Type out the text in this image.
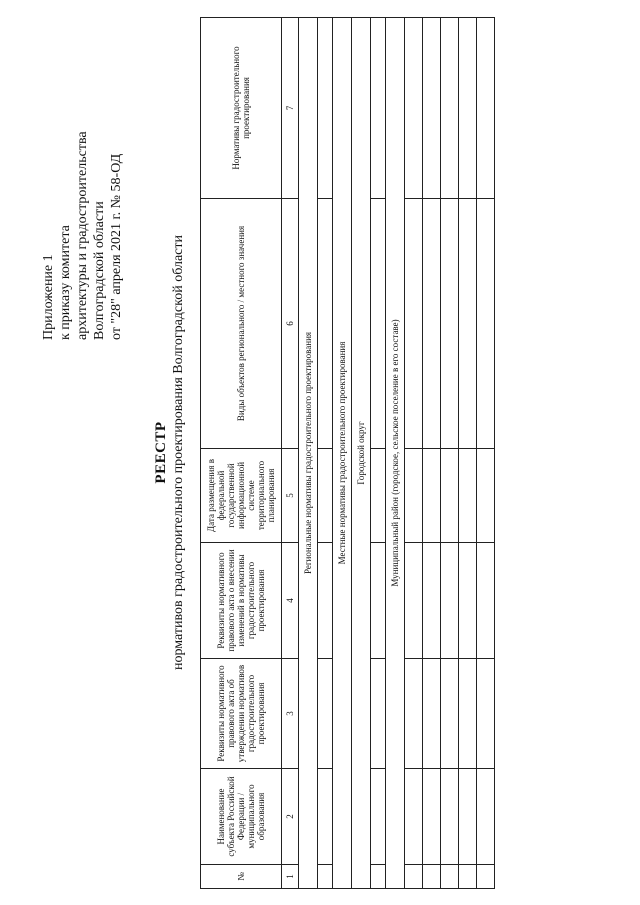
Приложение 1 к приказу комитета архитектуры и градостроительства Волгоградской области от "28" апреля 2021 г. № 58-ОД
РЕЕСТР нормативов градостроительного проектирования Волгоградской области
№	Наименование субъекта Российской Федерации / муниципального образования	Реквизиты нормативного правового акта об утверждении нормативов градостроительного проектирования	Реквизиты нормативного правового акта о внесении изменений в нормативы градостроительного проектирования	Дата размещения в федеральной государственной информационной системе территориального планирования	Виды объектов регионального / местного значения	Нормативы градостроительного проектирования
1	2	3	4	5	6	7
Региональные нормативы градостроительного проектирования						

Местные нормативы градостроительного проектирования						
Городской округ						

Муниципальный район (городское, сельское поселение в его составе)						
